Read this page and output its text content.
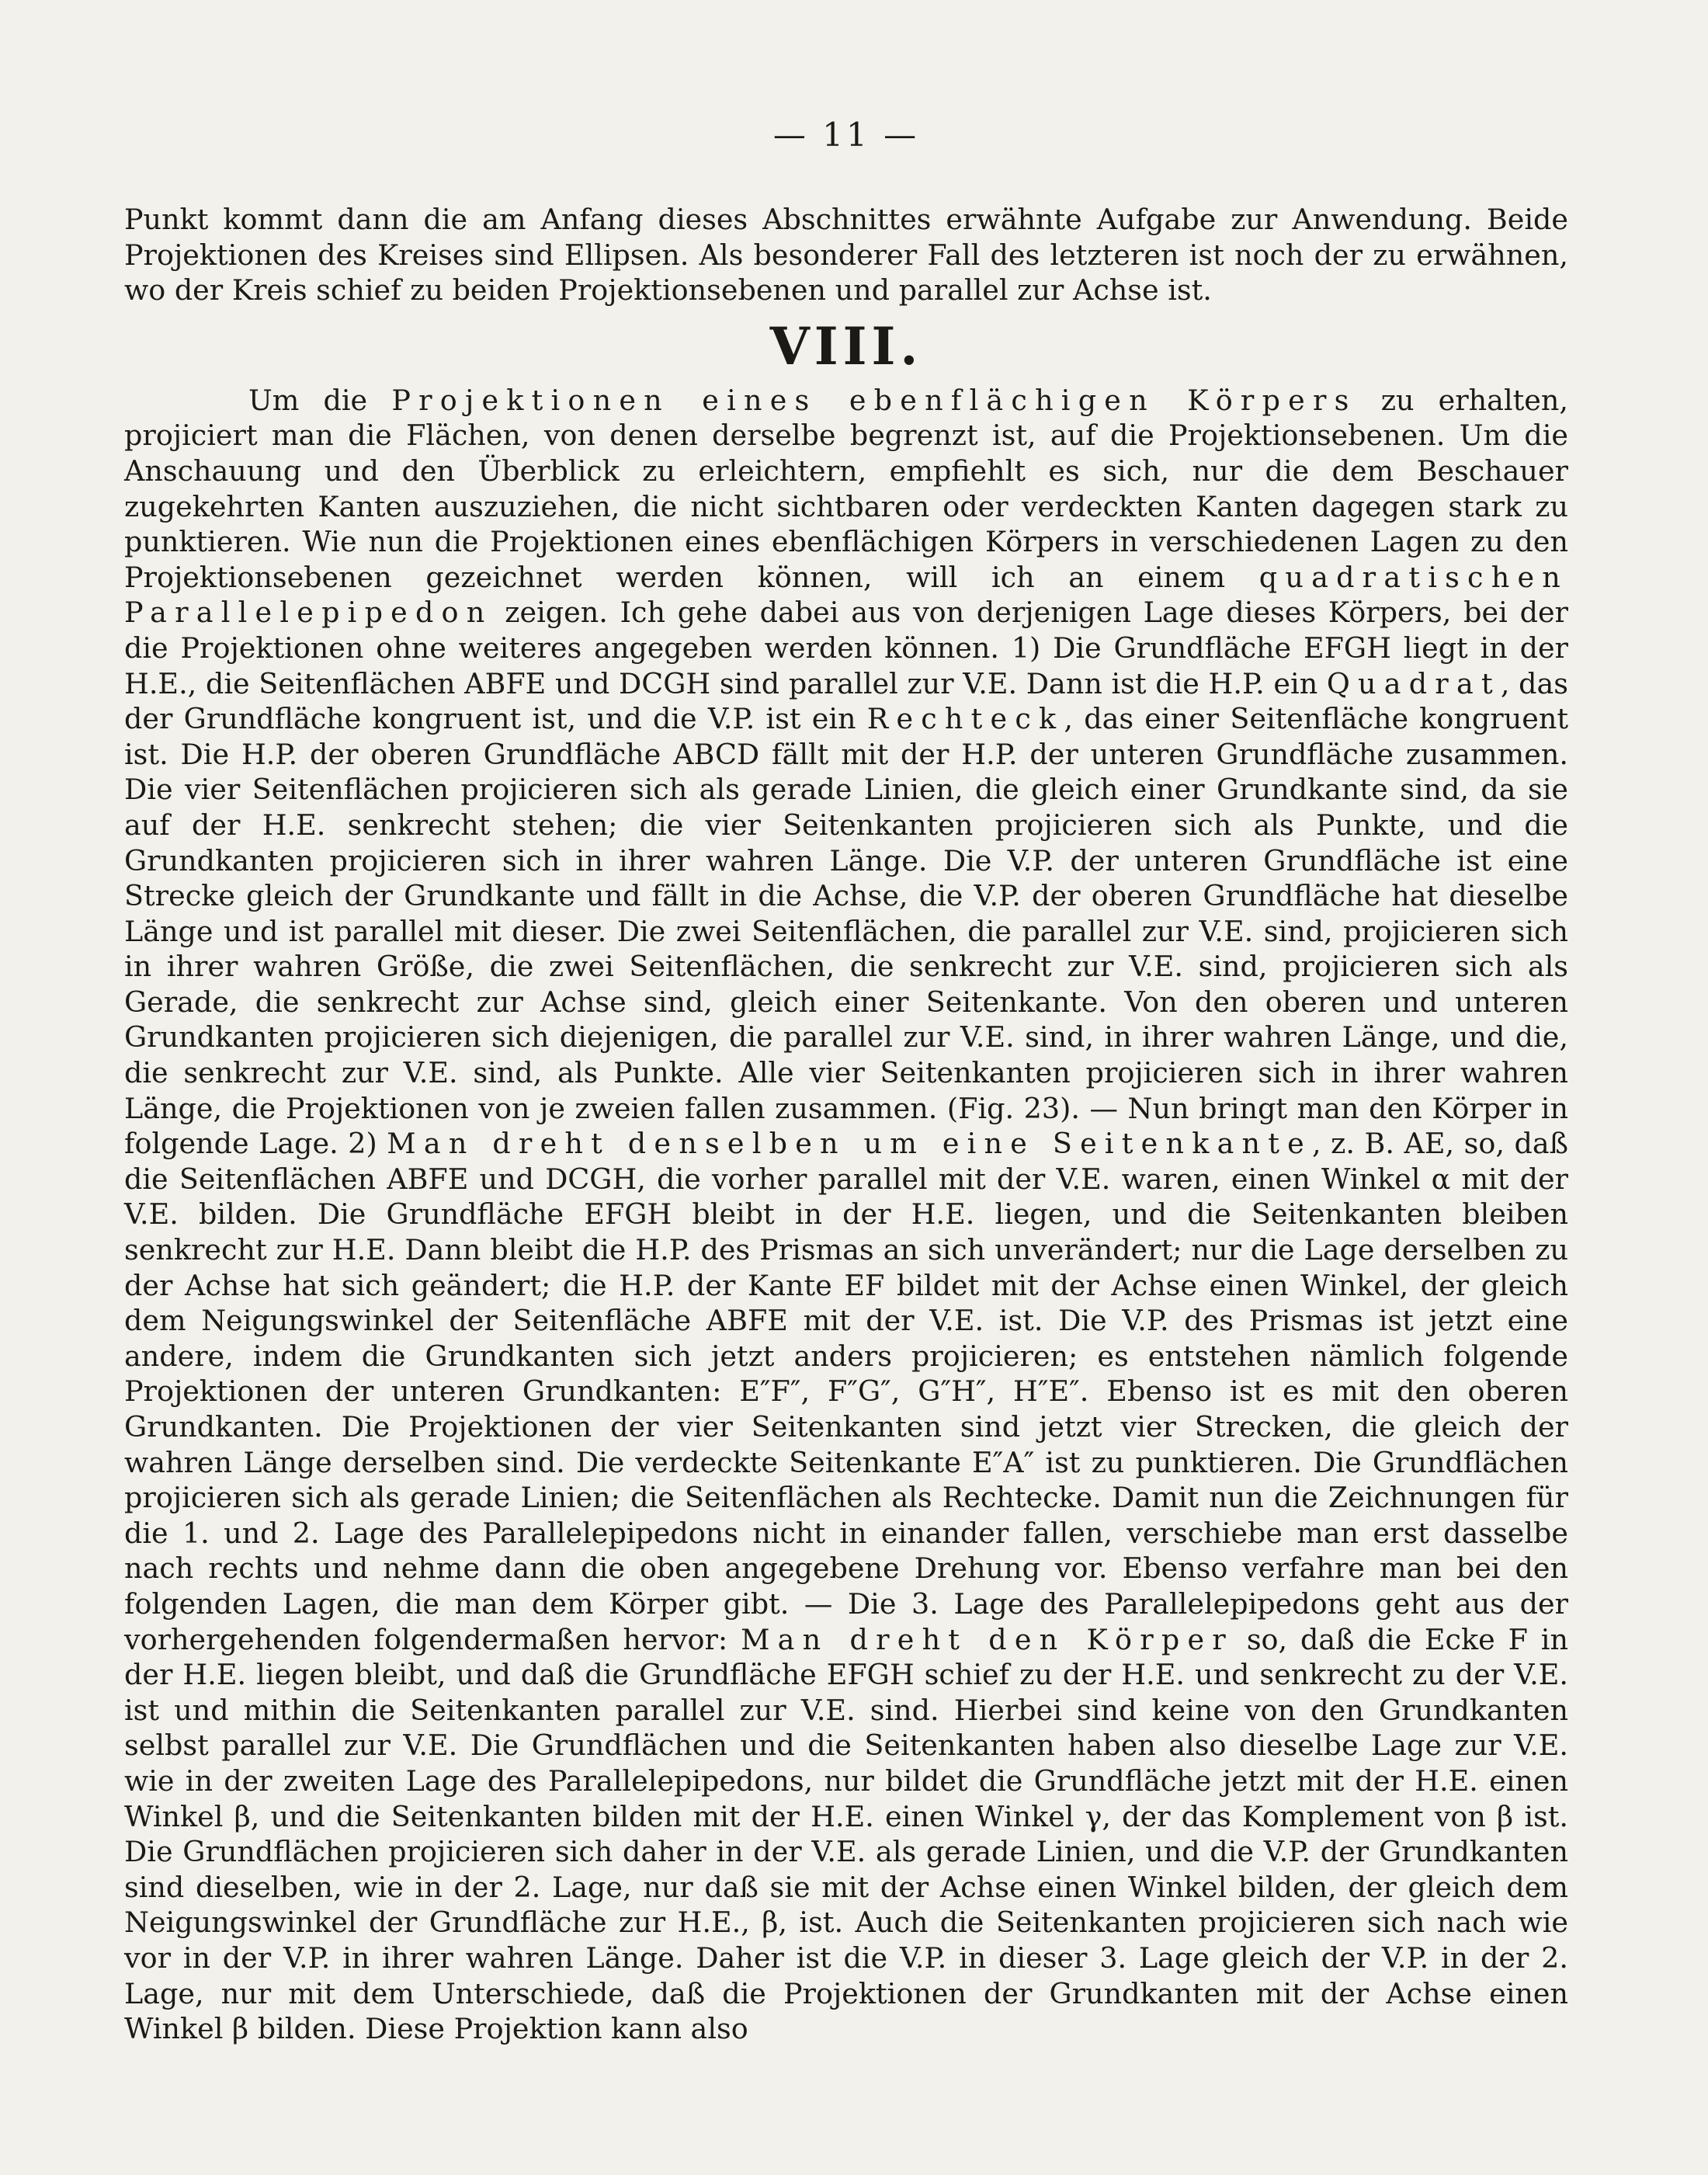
— 11 —

Punkt kommt dann die am Anfang dieses Abschnittes erwähnte Aufgabe zur Anwendung. Beide Projektionen des Kreises sind Ellipsen. Als besonderer Fall des letzteren ist noch der zu erwähnen, wo der Kreis schief zu beiden Projektionsebenen und parallel zur Achse ist.

VIII.

Um die Projektionen eines ebenflächigen Körpers zu erhalten, projiciert man die Flächen, von denen derselbe begrenzt ist, auf die Projektionsebenen. Um die Anschauung und den Überblick zu erleichtern, empfiehlt es sich, nur die dem Beschauer zugekehrten Kanten auszuziehen, die nicht sichtbaren oder verdeckten Kanten dagegen stark zu punktieren. Wie nun die Projektionen eines ebenflächigen Körpers in verschiedenen Lagen zu den Projektionsebenen gezeichnet werden können, will ich an einem quadratischen Parallelepipedon zeigen. Ich gehe dabei aus von derjenigen Lage dieses Körpers, bei der die Projektionen ohne weiteres angegeben werden können. 1) Die Grundfläche EFGH liegt in der H.E., die Seitenflächen ABFE und DCGH sind parallel zur V.E. Dann ist die H.P. ein Quadrat, das der Grundfläche kongruent ist, und die V.P. ist ein Rechteck, das einer Seitenfläche kongruent ist. Die H.P. der oberen Grundfläche ABCD fällt mit der H.P. der unteren Grundfläche zusammen. Die vier Seitenflächen projicieren sich als gerade Linien, die gleich einer Grundkante sind, da sie auf der H.E. senkrecht stehen; die vier Seitenkanten projicieren sich als Punkte, und die Grundkanten projicieren sich in ihrer wahren Länge. Die V.P. der unteren Grundfläche ist eine Strecke gleich der Grundkante und fällt in die Achse, die V.P. der oberen Grundfläche hat dieselbe Länge und ist parallel mit dieser. Die zwei Seitenflächen, die parallel zur V.E. sind, projicieren sich in ihrer wahren Größe, die zwei Seitenflächen, die senkrecht zur V.E. sind, projicieren sich als Gerade, die senkrecht zur Achse sind, gleich einer Seitenkante. Von den oberen und unteren Grundkanten projicieren sich diejenigen, die parallel zur V.E. sind, in ihrer wahren Länge, und die, die senkrecht zur V.E. sind, als Punkte. Alle vier Seitenkanten projicieren sich in ihrer wahren Länge, die Projektionen von je zweien fallen zusammen. (Fig. 23). — Nun bringt man den Körper in folgende Lage. 2) Man dreht denselben um eine Seitenkante, z. B. AE, so, daß die Seitenflächen ABFE und DCGH, die vorher parallel mit der V.E. waren, einen Winkel α mit der V.E. bilden. Die Grundfläche EFGH bleibt in der H.E. liegen, und die Seitenkanten bleiben senkrecht zur H.E. Dann bleibt die H.P. des Prismas an sich unverändert; nur die Lage derselben zu der Achse hat sich geändert; die H.P. der Kante EF bildet mit der Achse einen Winkel, der gleich dem Neigungswinkel der Seitenfläche ABFE mit der V.E. ist. Die V.P. des Prismas ist jetzt eine andere, indem die Grundkanten sich jetzt anders projicieren; es entstehen nämlich folgende Projektionen der unteren Grundkanten: E″F″, F″G″, G″H″, H″E″. Ebenso ist es mit den oberen Grundkanten. Die Projektionen der vier Seitenkanten sind jetzt vier Strecken, die gleich der wahren Länge derselben sind. Die verdeckte Seitenkante E″A″ ist zu punktieren. Die Grundflächen projicieren sich als gerade Linien; die Seitenflächen als Rechtecke. Damit nun die Zeichnungen für die 1. und 2. Lage des Parallelepipedons nicht in einander fallen, verschiebe man erst dasselbe nach rechts und nehme dann die oben angegebene Drehung vor. Ebenso verfahre man bei den folgenden Lagen, die man dem Körper gibt. — Die 3. Lage des Parallelepipedons geht aus der vorhergehenden folgendermaßen hervor: Man dreht den Körper so, daß die Ecke F in der H.E. liegen bleibt, und daß die Grundfläche EFGH schief zu der H.E. und senkrecht zu der V.E. ist und mithin die Seitenkanten parallel zur V.E. sind. Hierbei sind keine von den Grundkanten selbst parallel zur V.E. Die Grundflächen und die Seitenkanten haben also dieselbe Lage zur V.E. wie in der zweiten Lage des Parallelepipedons, nur bildet die Grundfläche jetzt mit der H.E. einen Winkel β, und die Seitenkanten bilden mit der H.E. einen Winkel γ, der das Komplement von β ist. Die Grundflächen projicieren sich daher in der V.E. als gerade Linien, und die V.P. der Grundkanten sind dieselben, wie in der 2. Lage, nur daß sie mit der Achse einen Winkel bilden, der gleich dem Neigungswinkel der Grundfläche zur H.E., β, ist. Auch die Seitenkanten projicieren sich nach wie vor in der V.P. in ihrer wahren Länge. Daher ist die V.P. in dieser 3. Lage gleich der V.P. in der 2. Lage, nur mit dem Unterschiede, daß die Projektionen der Grundkanten mit der Achse einen Winkel β bilden. Diese Projektion kann also
